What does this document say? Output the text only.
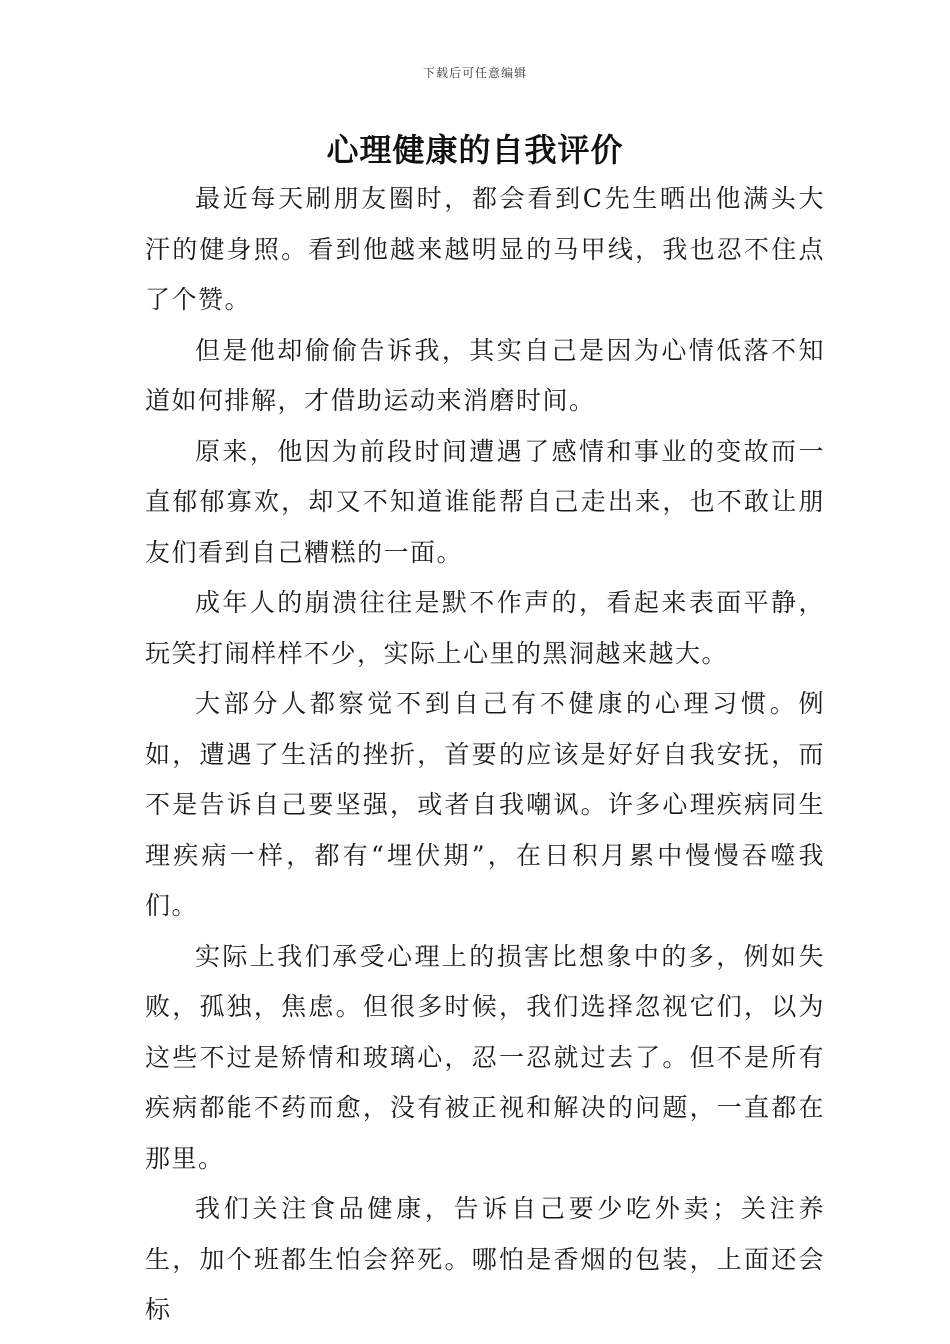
下载后可任意编辑
心理健康的自我评价

最近每天刷朋友圈时，都会看到C先生晒出他满头大汗的健身照。看到他越来越明显的马甲线，我也忍不住点了个赞。

但是他却偷偷告诉我，其实自己是因为心情低落不知道如何排解，才借助运动来消磨时间。

原来，他因为前段时间遭遇了感情和事业的变故而一直郁郁寡欢，却又不知道谁能帮自己走出来，也不敢让朋友们看到自己糟糕的一面。

成年人的崩溃往往是默不作声的，看起来表面平静，玩笑打闹样样不少，实际上心里的黑洞越来越大。

大部分人都察觉不到自己有不健康的心理习惯。例如，遭遇了生活的挫折，首要的应该是好好自我安抚，而不是告诉自己要坚强，或者自我嘲讽。许多心理疾病同生理疾病一样，都有“埋伏期”，在日积月累中慢慢吞噬我们。

实际上我们承受心理上的损害比想象中的多，例如失败，孤独，焦虑。但很多时候，我们选择忽视它们，以为这些不过是矫情和玻璃心，忍一忍就过去了。但不是所有疾病都能不药而愈，没有被正视和解决的问题，一直都在那里。

我们关注食品健康，告诉自己要少吃外卖；关注养生，加个班都生怕会猝死。哪怕是香烟的包装，上面还会标
